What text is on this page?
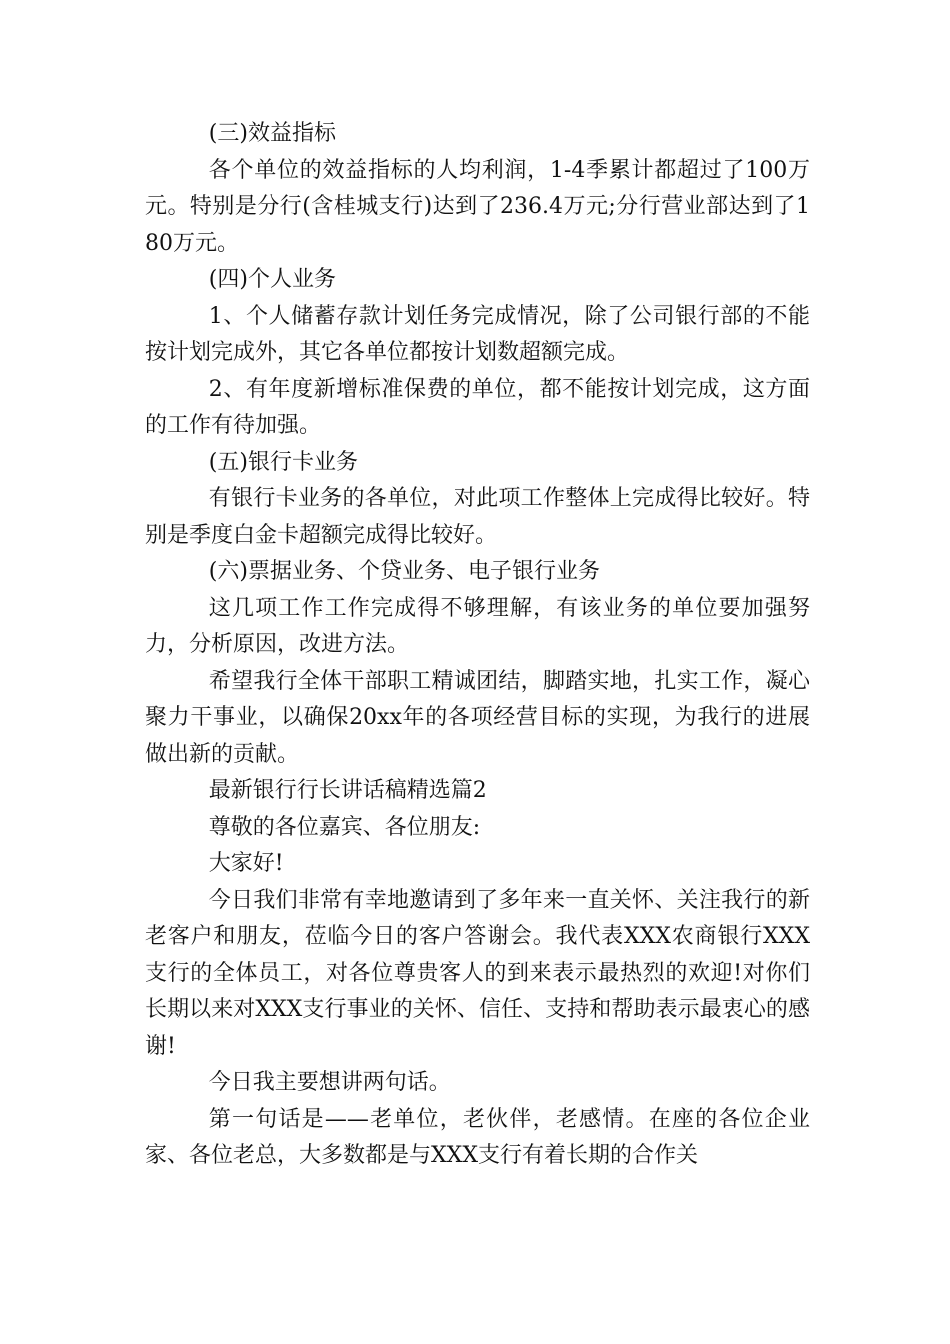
(三)效益指标

各个单位的效益指标的人均利润，1-4季累计都超过了100万元。特别是分行(含桂城支行)达到了236.4万元;分行营业部达到了180万元。

(四)个人业务

1、个人储蓄存款计划任务完成情况，除了公司银行部的不能按计划完成外，其它各单位都按计划数超额完成。

2、有年度新增标准保费的单位，都不能按计划完成，这方面的工作有待加强。

(五)银行卡业务

有银行卡业务的各单位，对此项工作整体上完成得比较好。特别是季度白金卡超额完成得比较好。

(六)票据业务、个贷业务、电子银行业务

这几项工作工作完成得不够理解，有该业务的单位要加强努力，分析原因，改进方法。

希望我行全体干部职工精诚团结，脚踏实地，扎实工作，凝心聚力干事业，以确保20xx年的各项经营目标的实现，为我行的进展做出新的贡献。

最新银行行长讲话稿精选篇2

尊敬的各位嘉宾、各位朋友:

大家好!

今日我们非常有幸地邀请到了多年来一直关怀、关注我行的新老客户和朋友，莅临今日的客户答谢会。我代表XXX农商银行XXX支行的全体员工，对各位尊贵客人的到来表示最热烈的欢迎!对你们长期以来对XXX支行事业的关怀、信任、支持和帮助表示最衷心的感谢!

今日我主要想讲两句话。

第一句话是——老单位，老伙伴，老感情。在座的各位企业家、各位老总，大多数都是与XXX支行有着长期的合作关
